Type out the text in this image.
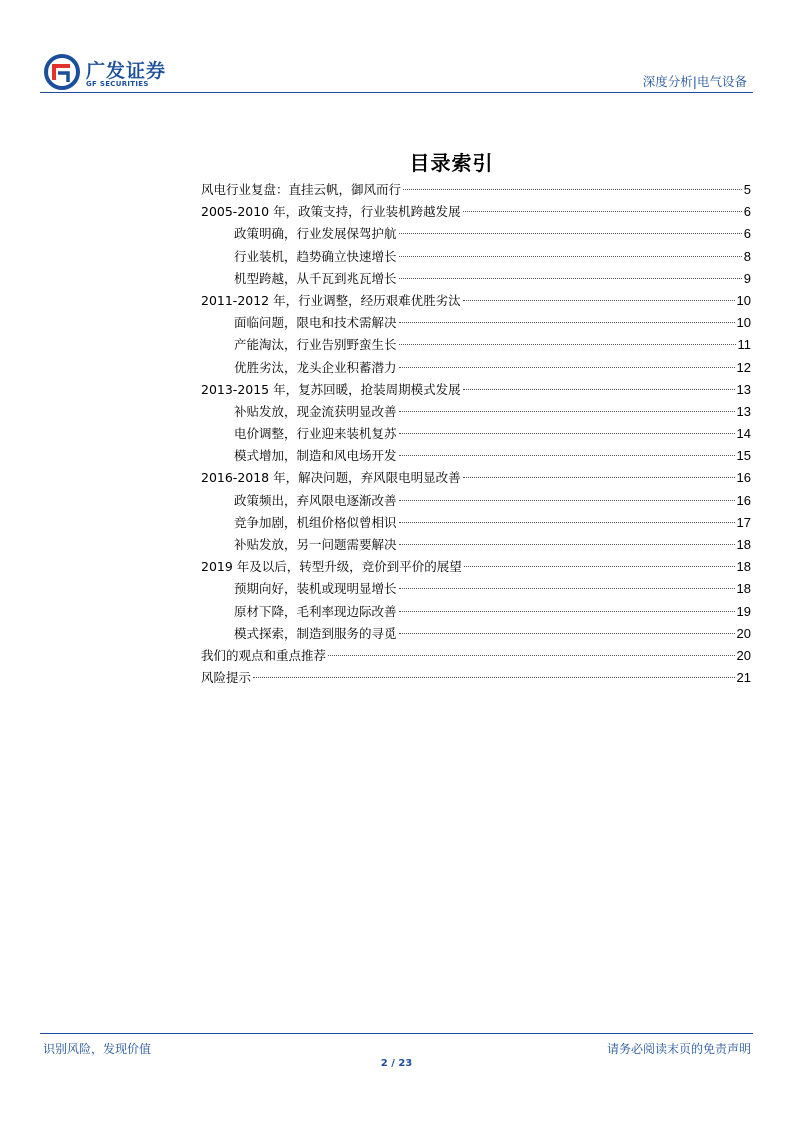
广发证券
GF SECURITIES	深度分析|电气设备
目录索引
风电行业复盘：直挂云帆，御风而行	5
2005-2010 年，政策支持，行业装机跨越发展	6
政策明确，行业发展保驾护航	6
行业装机，趋势确立快速增长	8
机型跨越，从千瓦到兆瓦增长	9
2011-2012 年，行业调整，经历艰难优胜劣汰	10
面临问题，限电和技术需解决	10
产能淘汰，行业告别野蛮生长	11
优胜劣汰，龙头企业积蓄潜力	12
2013-2015 年，复苏回暖，抢装周期模式发展	13
补贴发放，现金流获明显改善	13
电价调整，行业迎来装机复苏	14
模式增加，制造和风电场开发	15
2016-2018 年，解决问题，弃风限电明显改善	16
政策频出，弃风限电逐渐改善	16
竞争加剧，机组价格似曾相识	17
补贴发放，另一问题需要解决	18
2019 年及以后，转型升级，竞价到平价的展望	18
预期向好，装机或现明显增长	18
原材下降，毛利率现边际改善	19
模式探索，制造到服务的寻觅	20
我们的观点和重点推荐	20
风险提示	21
识别风险，发现价值	请务必阅读末页的免责声明
2 / 23
